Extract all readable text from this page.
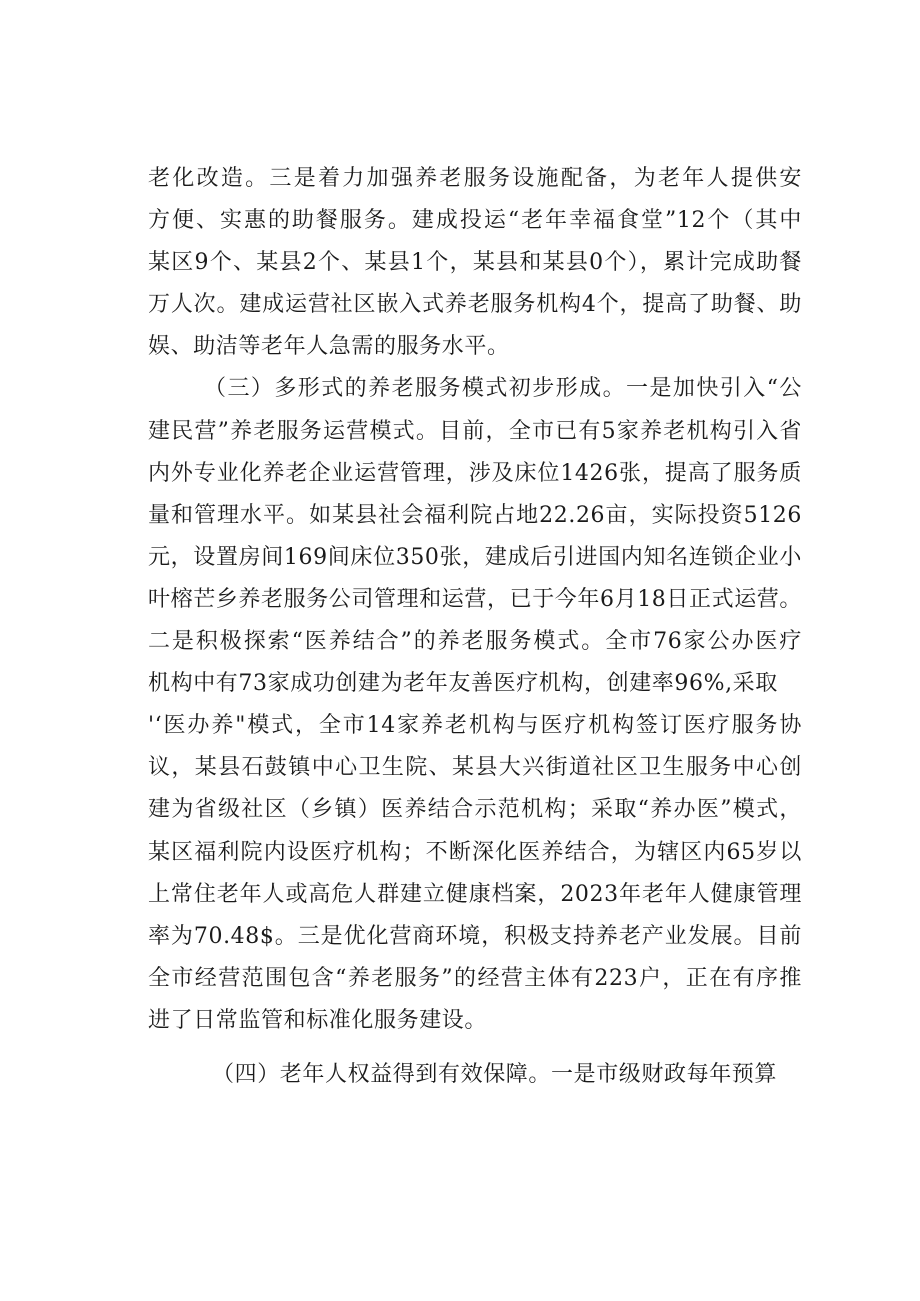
老化改造。三是着力加强养老服务设施配备，为老年人提供安
方便、实惠的助餐服务。建成投运“老年幸福食堂”12个（其中
某区9个、某县2个、某县1个，某县和某县0个），累计完成助餐
万人次。建成运营社区嵌入式养老服务机构4个，提高了助餐、助
娱、助洁等老年人急需的服务水平。
（三）多形式的养老服务模式初步形成。一是加快引入“公
建民营”养老服务运营模式。目前，全市已有5家养老机构引入省
内外专业化养老企业运营管理，涉及床位1426张，提高了服务质
量和管理水平。如某县社会福利院占地22.26亩，实际投资5126
元，设置房间169间床位350张，建成后引进国内知名连锁企业小
叶榕芒乡养老服务公司管理和运营，已于今年6月18日正式运营。
二是积极探索“医养结合”的养老服务模式。全市76家公办医疗
机构中有73家成功创建为老年友善医疗机构，创建率96%,采取
'‘医办养"模式，全市14家养老机构与医疗机构签订医疗服务协
议，某县石鼓镇中心卫生院、某县大兴街道社区卫生服务中心创
建为省级社区（乡镇）医养结合示范机构；采取“养办医”模式，
某区福利院内设医疗机构；不断深化医养结合，为辖区内65岁以
上常住老年人或高危人群建立健康档案，2023年老年人健康管理
率为70.48$。三是优化营商环境，积极支持养老产业发展。目前
全市经营范围包含“养老服务”的经营主体有223户，正在有序推
进了日常监管和标准化服务建设。
（四）老年人权益得到有效保障。一是市级财政每年预算
